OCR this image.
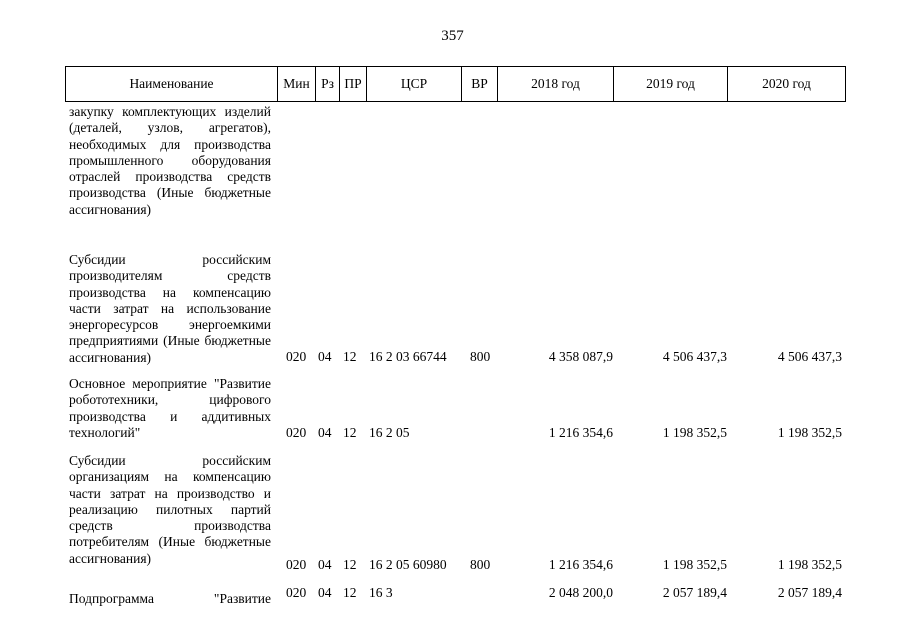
357
Наименование	Мин Рз ПР	ЦСР	ВР	2018 год	2019 год	2020 год
закупку комплектующих изделий (деталей, узлов, агрегатов), необходимых для производства промышленного оборудования отраслей производства средств производства (Иные бюджетные ассигнования)
Субсидии российским производителям средств производства на компенсацию части затрат на использование энергоресурсов энергоемкими предприятиями (Иные бюджетные ассигнования)	020 04 12 16 2 03 66744 800	4 358 087,9	4 506 437,3	4 506 437,3
Основное мероприятие "Развитие робототехники, цифрового производства и аддитивных технологий"	020 04 12 16 2 05	1 216 354,6	1 198 352,5	1 198 352,5
Субсидии российским организациям на компенсацию части затрат на производство и реализацию пилотных партий средств производства потребителям (Иные бюджетные ассигнования)	020 04 12 16 2 05 60980 800	1 216 354,6	1 198 352,5	1 198 352,5
Подпрограмма "Развитие 020 04 12 16 3	2 048 200,0	2 057 189,4	2 057 189,4
